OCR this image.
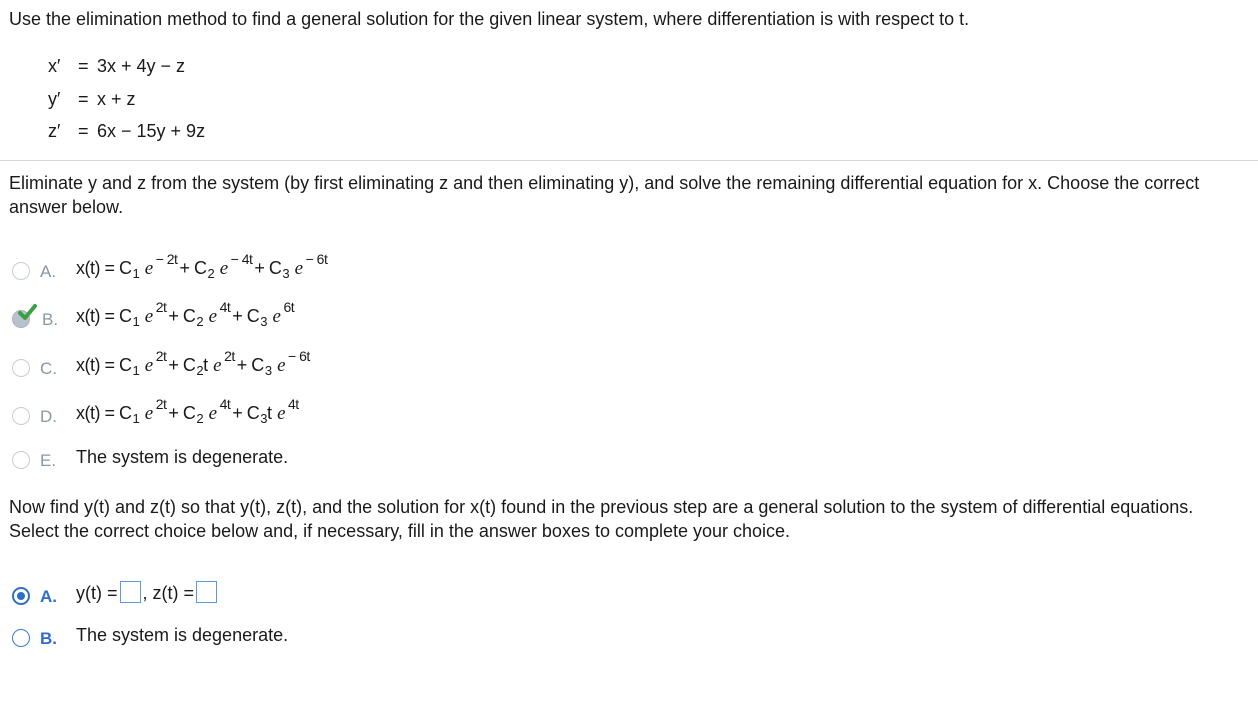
Use the elimination method to find a general solution for the given linear system, where differentiation is with respect to t.
x′ = 3x + 4y − z
y′ = x + z
z′ = 6x − 15y + 9z
Eliminate y and z from the system (by first eliminating z and then eliminating y), and solve the remaining differential equation for x. Choose the correct answer below.
A. $x(t) = C_1$ e $^{- 2t} + C_2$ e $^{- 4t} + C_3$ e $^{- 6t}$
B. $x(t) = C_1$ e $^{2t} + C_2$ e $^{4t} + C_3$ e $^{6t}$
C. $x(t) = C_1$ e $^{2t} + C_2t$ e $^{2t} + C_3$ e $^{- 6t}$
D. $x(t) = C_1$ e $^{2t} + C_2$ e $^{4t} + C_3t$ e $^{4t}$
E. The system is degenerate.
Now find y(t) and z(t) so that y(t), z(t), and the solution for x(t) found in the previous step are a general solution to the system of differential equations. Select the correct choice below and, if necessary, fill in the answer boxes to complete your choice.
A. y(t) = , z(t) =
B. The system is degenerate.
